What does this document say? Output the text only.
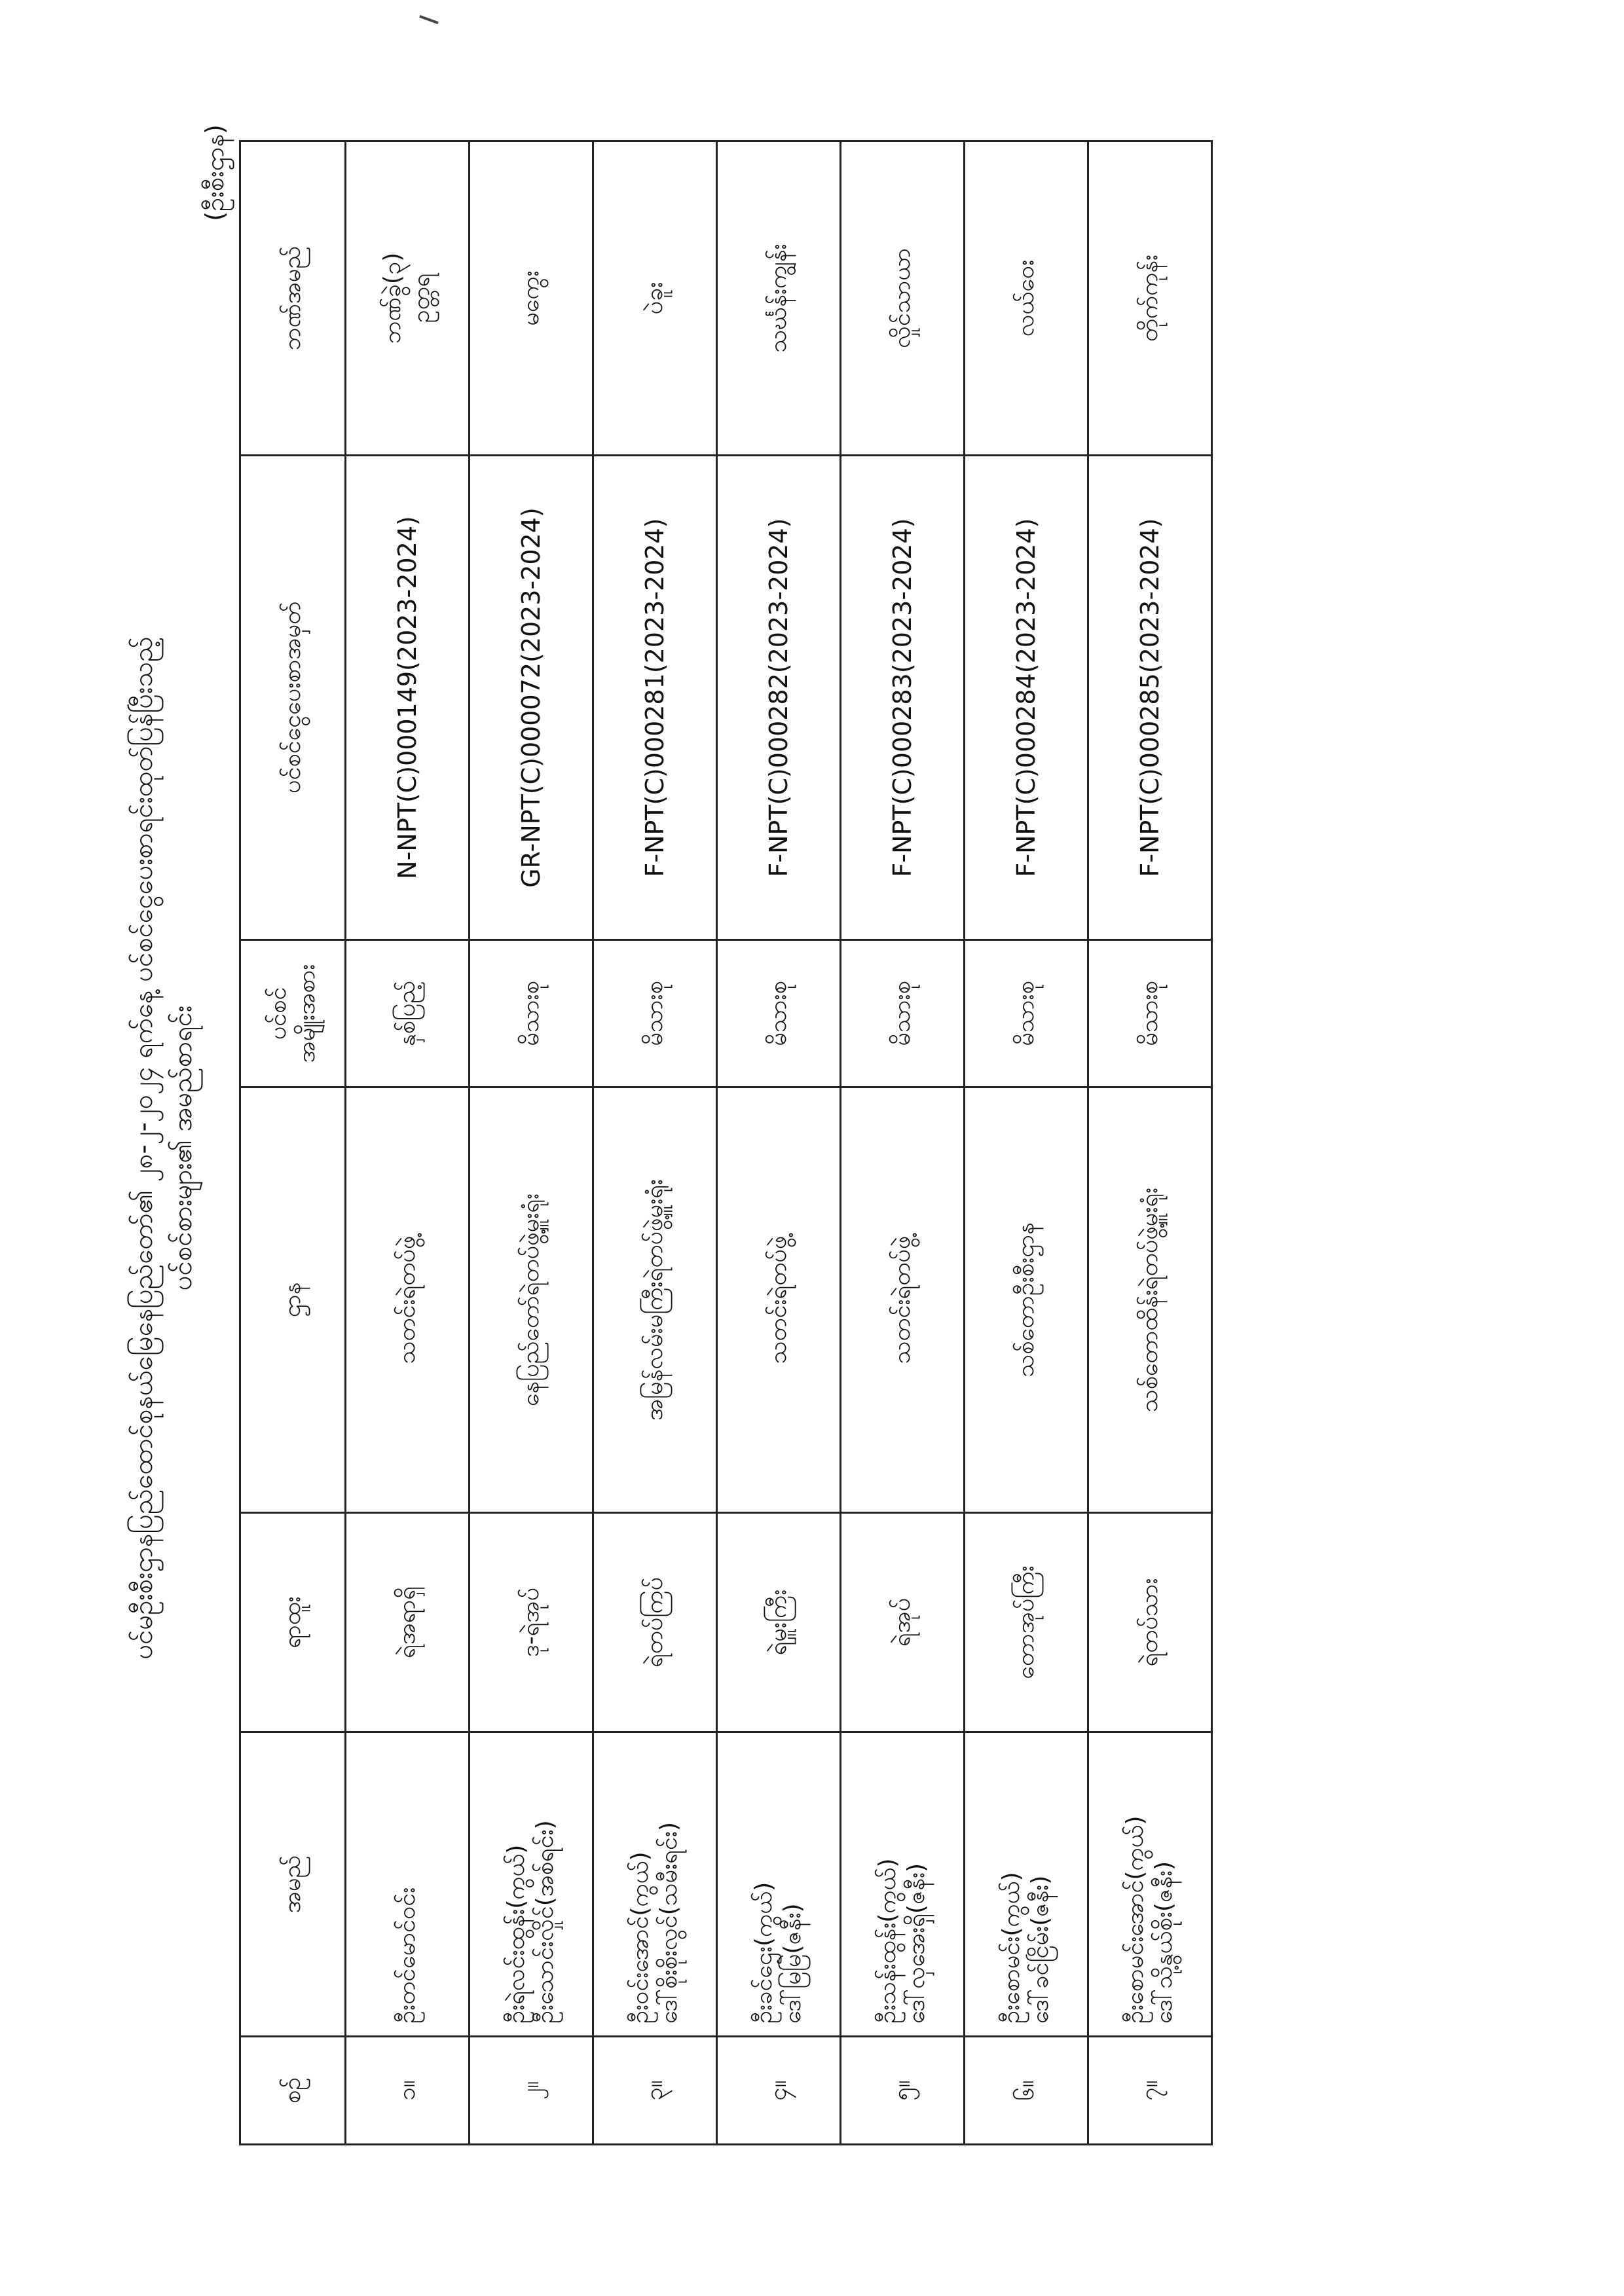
ပင်မဦးစီးဌာနပြည်ထောင်စုနယ်မြေနေပြည်တော်၏ ၂၈-၂-၂၀၂၄ ရက်နေ့ ပင်စင်ငွေပေးစာရင်းထုတ်ပြန်ပြီးသည့် ပင်စင်စားများ၏ အမည်စာရင်း
(ဦးစီးဌာန)
စဉ်	အမည်	ရာထူး	ဌာန	ပင်စင် အမျိုးအစား	ပင်စင်ငွေပေးစာအမှတ်	ဘဏ်အမည်
၁။	ဦးတင်မောင်ဝင်း	ရဲအရာရှိ	သတင်းရဲတပ်ဖွဲ့	နှစ်ပြည့်	N-NPT(C)000149(2023-2024)	ဘဏ်ခွဲ(၃) ဥတ္တရ

၂။	ဦးရဲလင်းထွန်း(ကွယ်) ဦးသောင်းလှိုင်(အစ်ရင်း)	ဒု-ရဲအုပ်	နေပြည်တော်ရဲတပ်ဖွဲ့မှူးရုံး	မိသားစု	GR-NPT(C)000072(2023-2024)	မကွေး

၃။	ဦးဝင်းအောင်(ကွယ်) ဒေါ်စိုးစိုးလွင်(သမီးရင်း)	ရဲတပ်ကြပ်	အမြန်လမ်းမကြီးရဲတပ်ဖွဲ့မှူးရုံး	မိသားစု	F-NPT(C)000281(2023-2024)	ပဲခူး

၄။	ဦးခင်ဌေး(ကွယ်) ဒေါ်မြမြ(ဇနီး)	ရဲမှူးကြီး	သတင်းရဲတပ်ဖွဲ့	မိသားစု	F-NPT(C)000282(2023-2024)	သင်္ဃန်းကျွန်း

၅။	ဦးသန်းထွန်း(ကွယ်) ဒေါ်လှအေးရှိ(ဇနီး)	ရဲအုပ်	သတင်းရဲတပ်ဖွဲ့	မိသားစု	F-NPT(C)000283(2023-2024)	လှိုင်သာယာ

၆။	ဦးစောမင်း(ကွယ်) ဒေါ်ခင်ငြိမ်း(ဇနီး)	တောအုပ်ကြီး	သစ်တောဦးစီးဌာန	မိသားစု	F-NPT(C)000284(2023-2024)	လယ်ဝေး

၇။	ဦးစောမင်းအောင်(ကွယ်) ဒေါ်သို့နွယ်စိုး(ဇနီး)	ရဲတပ်သား	သစ်တောထိန်းရဲတပ်ဖွဲ့မှူးရုံး	မိသားစု	F-NPT(C)000285(2023-2024)	တိုက်ကုန်း
